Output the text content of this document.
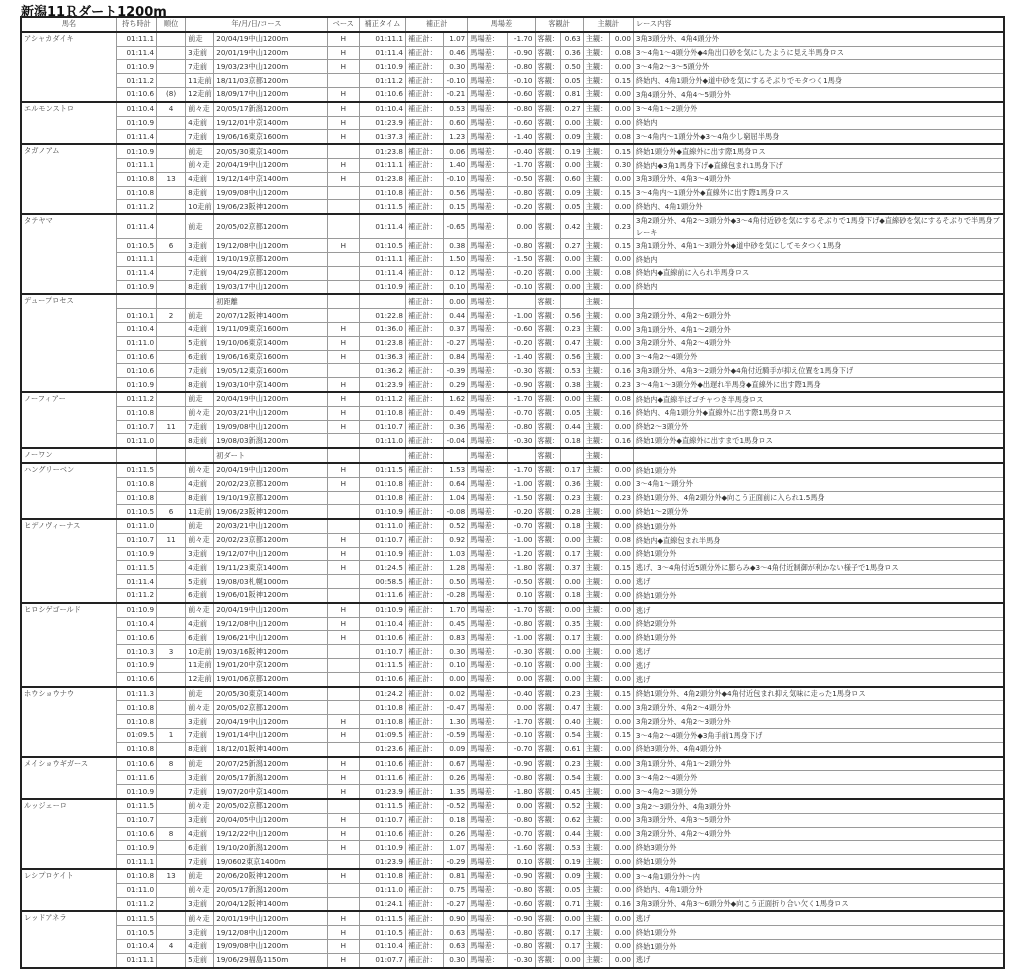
新潟11Ｒダート1200m
馬名	持ち時計	順位	年/月/日/コース		ベース	補正タイム	補正計		馬場差		客観計		主観計		レース内容
アシャカダイキ	01:11.1		前走	20/04/19中山1200m	H	01:11.1	補正計：	1.07	馬場差：	-1.70	客観：	0.63	主観：	0.00	3角3頭分外、4角4頭分外
	01:11.4		3走前	20/01/19中山1200m	H	01:11.4	補正計：	0.46	馬場差：	-0.90	客観：	0.36	主観：	0.08	3～4角1～4頭分外◆4角出口砂を気にしたように見え半馬身ロス
	01:10.9		7走前	19/03/23中山1200m	H	01:10.9	補正計：	0.30	馬場差：	-0.80	客観：	0.50	主観：	0.00	3～4角2～3～5頭分外
	01:11.2		11走前	18/11/03京都1200m		01:11.2	補正計：	-0.10	馬場差：	-0.10	客観：	0.05	主観：	0.15	終始内、4角1頭分外◆道中砂を気にするそぶりでモタつく1馬身
	01:10.6	(8)	12走前	18/09/17中山1200m	H	01:10.6	補正計：	-0.21	馬場差：	-0.60	客観：	0.81	主観：	0.00	3角4頭分外、4角4～5頭分外
エルモンストロ	01:10.4	4	前々走	20/05/17新潟1200m	H	01:10.4	補正計：	0.53	馬場差：	-0.80	客観：	0.27	主観：	0.00	3～4角1～2頭分外
	01:10.9		4走前	19/12/01中京1400m	H	01:23.9	補正計：	0.60	馬場差：	-0.60	客観：	0.00	主観：	0.00	終始内
	01:11.4		7走前	19/06/16東京1600m	H	01:37.3	補正計：	1.23	馬場差：	-1.40	客観：	0.09	主観：	0.08	3～4角内～1頭分外◆3～4角少し窮屈半馬身
タガノアム	01:10.9		前走	20/05/30東京1400m		01:23.8	補正計：	0.06	馬場差：	-0.40	客観：	0.19	主観：	0.15	終始1頭分外◆直線外に出す際1馬身ロス
	01:11.1		前々走	20/04/19中山1200m	H	01:11.1	補正計：	1.40	馬場差：	-1.70	客観：	0.00	主観：	0.30	終始内◆3角1馬身下げ◆直線包まれ1馬身下げ
	01:10.8	13	4走前	19/12/14中京1400m	H	01:23.8	補正計：	-0.10	馬場差：	-0.50	客観：	0.60	主観：	0.00	3角3頭分外、4角3～4頭分外
	01:10.8		8走前	19/09/08中山1200m		01:10.8	補正計：	0.56	馬場差：	-0.80	客観：	0.09	主観：	0.15	3～4角内～1頭分外◆直線外に出す際1馬身ロス
	01:11.2		10走前	19/06/23阪神1200m		01:11.5	補正計：	0.15	馬場差：	-0.20	客観：	0.05	主観：	0.00	終始内、4角1頭分外
タテヤマ	01:11.4		前走	20/05/02京都1200m		01:11.4	補正計：	-0.65	馬場差：	0.00	客観：	0.42	主観：	0.23	3角2頭分外、4角2～3頭分外◆3～4角付近砂を気にするそぶりで1馬身下げ◆直線砂を気にするそぶりで半馬身ブレーキ
	01:10.5	6	3走前	19/12/08中山1200m	H	01:10.5	補正計：	0.38	馬場差：	-0.80	客観：	0.27	主観：	0.15	3角1頭分外、4角1～3頭分外◆道中砂を気にしてモタつく1馬身
	01:11.1		4走前	19/10/19京都1200m		01:11.1	補正計：	1.50	馬場差：	-1.50	客観：	0.00	主観：	0.00	終始内
	01:11.4		7走前	19/04/29京都1200m		01:11.4	補正計：	0.12	馬場差：	-0.20	客観：	0.00	主観：	0.08	終始内◆直線前に入られ半馬身ロス
	01:10.9		8走前	19/03/17中山1200m		01:10.9	補正計：	0.10	馬場差：	-0.10	客観：	0.00	主観：	0.00	終始内
デュープロセス				初距離			補正計：	0.00	馬場差：		客観：		主観：		
	01:10.1	2	前走	20/07/12阪神1400m		01:22.8	補正計：	0.44	馬場差：	-1.00	客観：	0.56	主観：	0.00	3角2頭分外、4角2～6頭分外
	01:10.4		4走前	19/11/09東京1600m	H	01:36.0	補正計：	0.37	馬場差：	-0.60	客観：	0.23	主観：	0.00	3角1頭分外、4角1～2頭分外
	01:11.0		5走前	19/10/06東京1400m	H	01:23.8	補正計：	-0.27	馬場差：	-0.20	客観：	0.47	主観：	0.00	3角2頭分外、4角2～4頭分外
	01:10.6		6走前	19/06/16東京1600m	H	01:36.3	補正計：	0.84	馬場差：	-1.40	客観：	0.56	主観：	0.00	3～4角2～4頭分外
	01:10.6		7走前	19/05/12東京1600m		01:36.2	補正計：	-0.39	馬場差：	-0.30	客観：	0.53	主観：	0.16	3角3頭分外、4角3～2頭分外◆4角付近騎手が抑え位置を1馬身下げ
	01:10.9		8走前	19/03/10中京1400m	H	01:23.9	補正計：	0.29	馬場差：	-0.90	客観：	0.38	主観：	0.23	3～4角1～3頭分外◆出遅れ半馬身◆直線外に出す際1馬身
ノーフィアー	01:11.2		前走	20/04/19中山1200m	H	01:11.2	補正計：	1.62	馬場差：	-1.70	客観：	0.00	主観：	0.08	終始内◆直線半ばゴチャつき半馬身ロス
	01:10.8		前々走	20/03/21中山1200m	H	01:10.8	補正計：	0.49	馬場差：	-0.70	客観：	0.05	主観：	0.16	終始内、4角1頭分外◆直線外に出す際1馬身ロス
	01:10.7	11	7走前	19/09/08中山1200m	H	01:10.7	補正計：	0.36	馬場差：	-0.80	客観：	0.44	主観：	0.00	終始2～3頭分外
	01:11.0		8走前	19/08/03新潟1200m		01:11.0	補正計：	-0.04	馬場差：	-0.30	客観：	0.18	主観：	0.16	終始1頭分外◆直線外に出すまで1馬身ロス
ノーワン				初ダート			補正計：		馬場差：		客観：		主観：		
ハングリーベン	01:11.5		前々走	20/04/19中山1200m	H	01:11.5	補正計：	1.53	馬場差：	-1.70	客観：	0.17	主観：	0.00	終始1頭分外
	01:10.8		4走前	20/02/23京都1200m	H	01:10.8	補正計：	0.64	馬場差：	-1.00	客観：	0.36	主観：	0.00	3～4角1～頭分外
	01:10.8		8走前	19/10/19京都1200m		01:10.8	補正計：	1.04	馬場差：	-1.50	客観：	0.23	主観：	0.23	終始1頭分外、4角2頭分外◆向こう正面前に入られ1.5馬身
	01:10.5	6	11走前	19/06/23阪神1200m		01:10.9	補正計：	-0.08	馬場差：	-0.20	客観：	0.28	主観：	0.00	終始1～2頭分外
ヒデノヴィーナス	01:11.0		前走	20/03/21中山1200m		01:11.0	補正計：	0.52	馬場差：	-0.70	客観：	0.18	主観：	0.00	終始1頭分外
	01:10.7	11	前々走	20/02/23京都1200m	H	01:10.7	補正計：	0.92	馬場差：	-1.00	客観：	0.00	主観：	0.08	終始内◆直線包まれ半馬身
	01:10.9		3走前	19/12/07中山1200m	H	01:10.9	補正計：	1.03	馬場差：	-1.20	客観：	0.17	主観：	0.00	終始1頭分外
	01:11.5		4走前	19/11/23東京1400m	H	01:24.5	補正計：	1.28	馬場差：	-1.80	客観：	0.37	主観：	0.15	逃げ、3～4角付近5頭分外に膨らみ◆3～4角付近制御が利かない様子で1馬身ロス
	01:11.4		5走前	19/08/03札幌1000m		00:58.5	補正計：	0.50	馬場差：	-0.50	客観：	0.00	主観：	0.00	逃げ
	01:11.2		6走前	19/06/01阪神1200m		01:11.6	補正計：	-0.28	馬場差：	0.10	客観：	0.18	主観：	0.00	終始1頭分外
ヒロシゲゴールド	01:10.9		前々走	20/04/19中山1200m	H	01:10.9	補正計：	1.70	馬場差：	-1.70	客観：	0.00	主観：	0.00	逃げ
	01:10.4		4走前	19/12/08中山1200m	H	01:10.4	補正計：	0.45	馬場差：	-0.80	客観：	0.35	主観：	0.00	終始2頭分外
	01:10.6		6走前	19/06/21中山1200m	H	01:10.6	補正計：	0.83	馬場差：	-1.00	客観：	0.17	主観：	0.00	終始1頭分外
	01:10.3	3	10走前	19/03/16阪神1200m		01:10.7	補正計：	0.30	馬場差：	-0.30	客観：	0.00	主観：	0.00	逃げ
	01:10.9		11走前	19/01/20中京1200m		01:11.5	補正計：	0.10	馬場差：	-0.10	客観：	0.00	主観：	0.00	逃げ
	01:10.6		12走前	19/01/06京都1200m		01:10.6	補正計：	0.00	馬場差：	0.00	客観：	0.00	主観：	0.00	逃げ
ホウショウナウ	01:11.3		前走	20/05/30東京1400m		01:24.2	補正計：	0.02	馬場差：	-0.40	客観：	0.23	主観：	0.15	終始1頭分外、4角2頭分外◆4角付近包まれ抑え気味に走った1馬身ロス
	01:10.8		前々走	20/05/02京都1200m		01:10.8	補正計：	-0.47	馬場差：	0.00	客観：	0.47	主観：	0.00	3角2頭分外、4角2～4頭分外
	01:10.8		3走前	20/04/19中山1200m	H	01:10.8	補正計：	1.30	馬場差：	-1.70	客観：	0.40	主観：	0.00	3角2頭分外、4角2～3頭分外
	01:09.5	1	7走前	19/01/14中山1200m	H	01:09.5	補正計：	-0.59	馬場差：	-0.10	客観：	0.54	主観：	0.15	3～4角2～4頭分外◆3角手前1馬身下げ
	01:10.8		8走前	18/12/01阪神1400m		01:23.6	補正計：	0.09	馬場差：	-0.70	客観：	0.61	主観：	0.00	終始3頭分外、4角4頭分外
メイショウギガース	01:10.6	8	前走	20/07/25新潟1200m	H	01:10.6	補正計：	0.67	馬場差：	-0.90	客観：	0.23	主観：	0.00	3角1頭分外、4角1～2頭分外
	01:11.6		3走前	20/05/17新潟1200m	H	01:11.6	補正計：	0.26	馬場差：	-0.80	客観：	0.54	主観：	0.00	3～4角2～4頭分外
	01:10.9		7走前	19/07/20中京1400m	H	01:23.9	補正計：	1.35	馬場差：	-1.80	客観：	0.45	主観：	0.00	3～4角2～3頭分外
ルッジェーロ	01:11.5		前々走	20/05/02京都1200m		01:11.5	補正計：	-0.52	馬場差：	0.00	客観：	0.52	主観：	0.00	3角2～3頭分外、4角3頭分外
	01:10.7		3走前	20/04/05中山1200m	H	01:10.7	補正計：	0.18	馬場差：	-0.80	客観：	0.62	主観：	0.00	3角3頭分外、4角3～5頭分外
	01:10.6	8	4走前	19/12/22中山1200m	H	01:10.6	補正計：	0.26	馬場差：	-0.70	客観：	0.44	主観：	0.00	3角2頭分外、4角2～4頭分外
	01:10.9		6走前	19/10/20新潟1200m	H	01:10.9	補正計：	1.07	馬場差：	-1.60	客観：	0.53	主観：	0.00	終始3頭分外
	01:11.1		7走前	19/0602東京1400m		01:23.9	補正計：	-0.29	馬場差：	0.10	客観：	0.19	主観：	0.00	終始1頭分外
レシプロケイト	01:10.8	13	前走	20/06/20阪神1200m	H	01:10.8	補正計：	0.81	馬場差：	-0.90	客観：	0.09	主観：	0.00	3～4角1頭分外～内
	01:11.0		前々走	20/05/17新潟1200m		01:11.0	補正計：	0.75	馬場差：	-0.80	客観：	0.05	主観：	0.00	終始内、4角1頭分外
	01:11.2		3走前	20/04/12阪神1400m		01:24.1	補正計：	-0.27	馬場差：	-0.60	客観：	0.71	主観：	0.16	3角3頭分外、4角3～6頭分外◆向こう正面折り合い欠く1馬身ロス
レッドアネラ	01:11.5		前々走	20/01/19中山1200m	H	01:11.5	補正計：	0.90	馬場差：	-0.90	客観：	0.00	主観：	0.00	逃げ
	01:10.5		3走前	19/12/08中山1200m	H	01:10.5	補正計：	0.63	馬場差：	-0.80	客観：	0.17	主観：	0.00	終始1頭分外
	01:10.4	4	4走前	19/09/08中山1200m	H	01:10.4	補正計：	0.63	馬場差：	-0.80	客観：	0.17	主観：	0.00	終始1頭分外
	01:11.1		5走前	19/06/29福島1150m	H	01:07.7	補正計：	0.30	馬場差：	-0.30	客観：	0.00	主観：	0.00	逃げ
